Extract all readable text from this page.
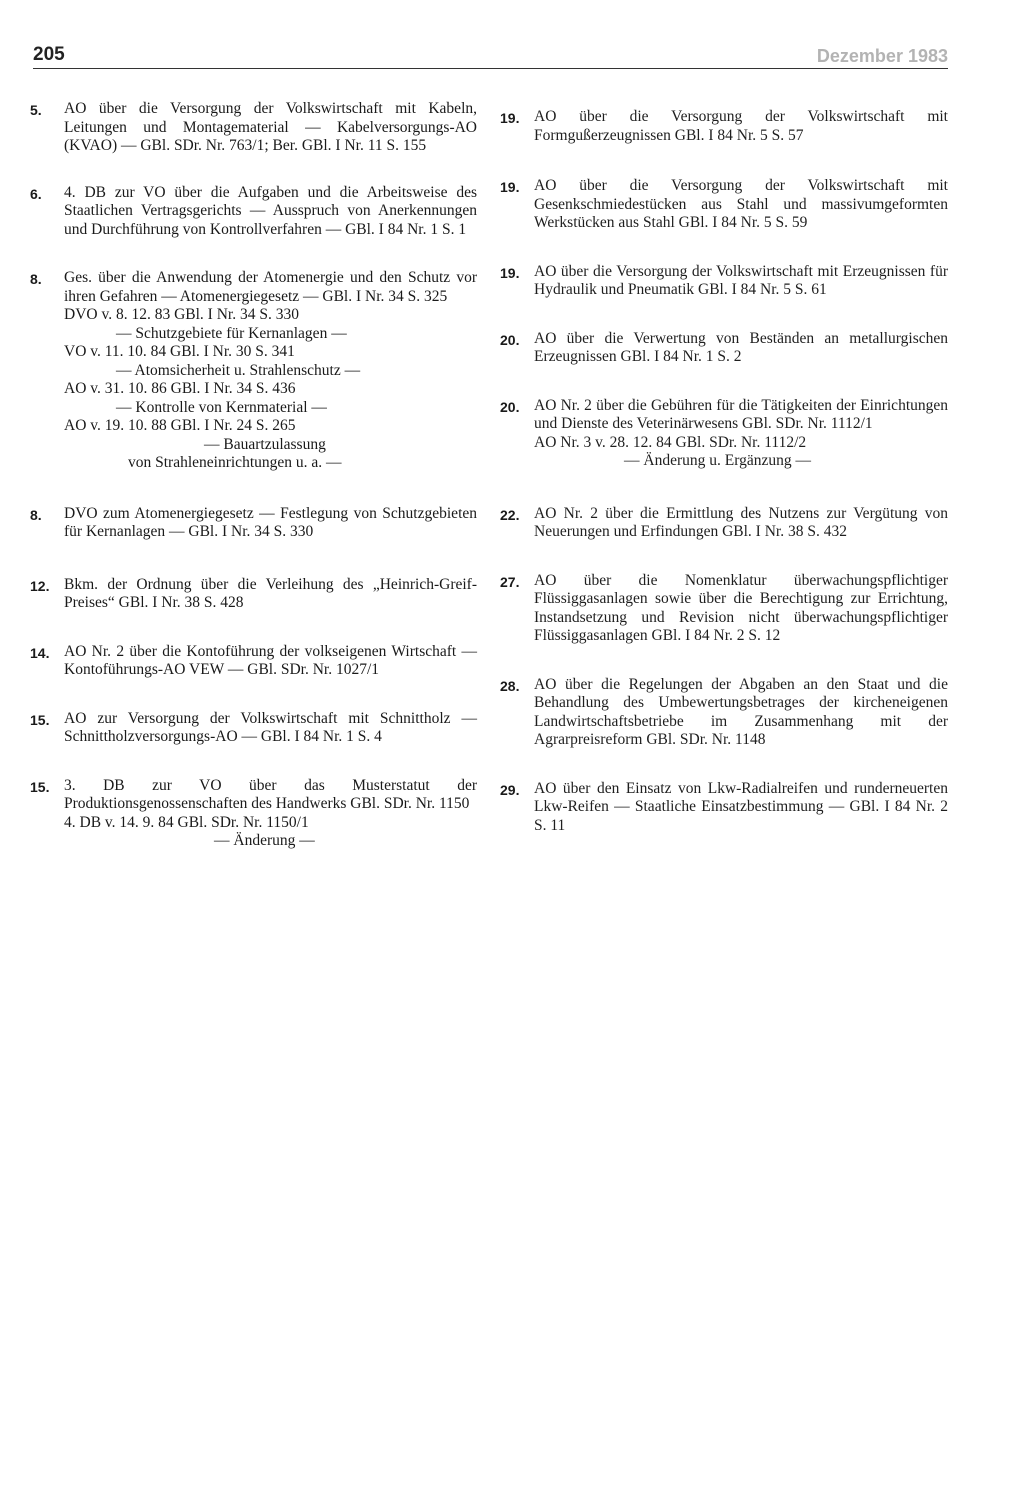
205	Dezember 1983
5.	AO über die Versorgung der Volkswirtschaft mit Kabeln, Leitungen und Montagematerial — Kabelversorgungs-AO (KVAO) — GBl. SDr. Nr. 763/1; Ber. GBl. I Nr. 11 S. 155
6.	4. DB zur VO über die Aufgaben und die Arbeitsweise des Staatlichen Vertragsgerichts — Ausspruch von Anerkennungen und Durchführung von Kontrollverfahren — GBl. I 84 Nr. 1 S. 1
8.	Ges. über die Anwendung der Atomenergie und den Schutz vor ihren Gefahren — Atomenergiegesetz — GBl. I Nr. 34 S. 325
DVO v. 8. 12. 83 GBl. I Nr. 34 S. 330
— Schutzgebiete für Kernanlagen —
VO v. 11. 10. 84 GBl. I Nr. 30 S. 341
— Atomsicherheit u. Strahlenschutz —
AO v. 31. 10. 86 GBl. I Nr. 34 S. 436
— Kontrolle von Kernmaterial —
AO v. 19. 10. 88 GBl. I Nr. 24 S. 265
— Bauartzulassung
von Strahleneinrichtungen u. a. —
8.	DVO zum Atomenergiegesetz — Festlegung von Schutzgebieten für Kernanlagen — GBl. I Nr. 34 S. 330
12. Bkm. der Ordnung über die Verleihung des „Heinrich-Greif-Preises“ GBl. I Nr. 38 S. 428
14. AO Nr. 2 über die Kontoführung der volkseigenen Wirtschaft — Kontoführungs-AO VEW — GBl. SDr. Nr. 1027/1
15. AO zur Versorgung der Volkswirtschaft mit Schnittholz — Schnittholzversorgungs-AO — GBl. I 84 Nr. 1 S. 4
15. 3. DB zur VO über das Musterstatut der Produktionsgenossenschaften des Handwerks GBl. SDr. Nr. 1150
4. DB v. 14. 9. 84 GBl. SDr. Nr. 1150/1
— Änderung —
19. AO über die Versorgung der Volkswirtschaft mit Formgußerzeugnissen GBl. I 84 Nr. 5 S. 57
19. AO über die Versorgung der Volkswirtschaft mit Gesenkschmiedestücken aus Stahl und massivumgeformten Werkstücken aus Stahl GBl. I 84 Nr. 5 S. 59
19. AO über die Versorgung der Volkswirtschaft mit Erzeugnissen für Hydraulik und Pneumatik GBl. I 84 Nr. 5 S. 61
20. AO über die Verwertung von Beständen an metallurgischen Erzeugnissen GBl. I 84 Nr. 1 S. 2
20. AO Nr. 2 über die Gebühren für die Tätigkeiten der Einrichtungen und Dienste des Veterinärwesens GBl. SDr. Nr. 1112/1
AO Nr. 3 v. 28. 12. 84 GBl. SDr. Nr. 1112/2
— Änderung u. Ergänzung —
22. AO Nr. 2 über die Ermittlung des Nutzens zur Vergütung von Neuerungen und Erfindungen GBl. I Nr. 38 S. 432
27. AO über die Nomenklatur überwachungspflichtiger Flüssiggasanlagen sowie über die Berechtigung zur Errichtung, Instandsetzung und Revision nicht überwachungspflichtiger Flüssiggasanlagen GBl. I 84 Nr. 2 S. 12
28. AO über die Regelungen der Abgaben an den Staat und die Behandlung des Umbewertungsbetrages der kircheneigenen Landwirtschaftsbetriebe im Zusammenhang mit der Agrarpreisreform GBl. SDr. Nr. 1148
29. AO über den Einsatz von Lkw-Radialreifen und runderneuerten Lkw-Reifen — Staatliche Einsatzbestimmung — GBl. I 84 Nr. 2 S. 11
